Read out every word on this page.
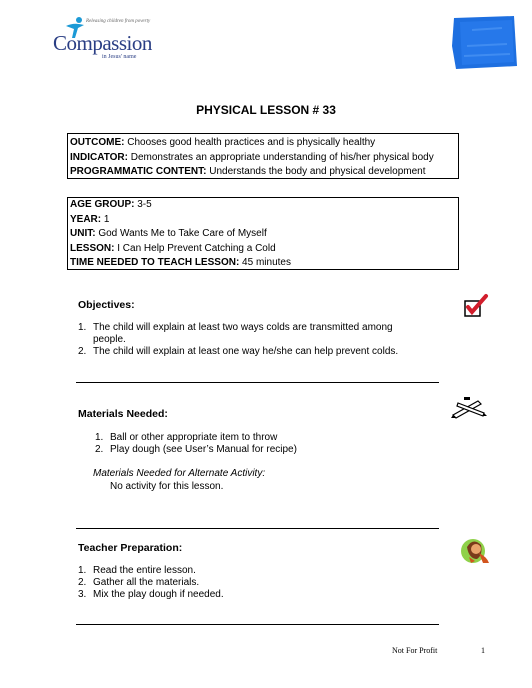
Releasing children from poverty
Compassion
in Jesus' name
PHYSICAL LESSON # 33
OUTCOME: Chooses good health practices and is physically healthy
INDICATOR: Demonstrates an appropriate understanding of his/her physical body
PROGRAMMATIC CONTENT: Understands the body and physical development
AGE GROUP: 3-5
YEAR: 1
UNIT: God Wants Me to Take Care of Myself
LESSON: I Can Help Prevent Catching a Cold
TIME NEEDED TO TEACH LESSON: 45 minutes
Objectives:
1. The child will explain at least two ways colds are transmitted among
people.
2. The child will explain at least one way he/she can help prevent colds.
Materials Needed:
1. Ball or other appropriate item to throw
2. Play dough (see User’s Manual for recipe)
Materials Needed for Alternate Activity:
No activity for this lesson.
Teacher Preparation:
1. Read the entire lesson.
2. Gather all the materials.
3. Mix the play dough if needed.
Not For Profit	1
